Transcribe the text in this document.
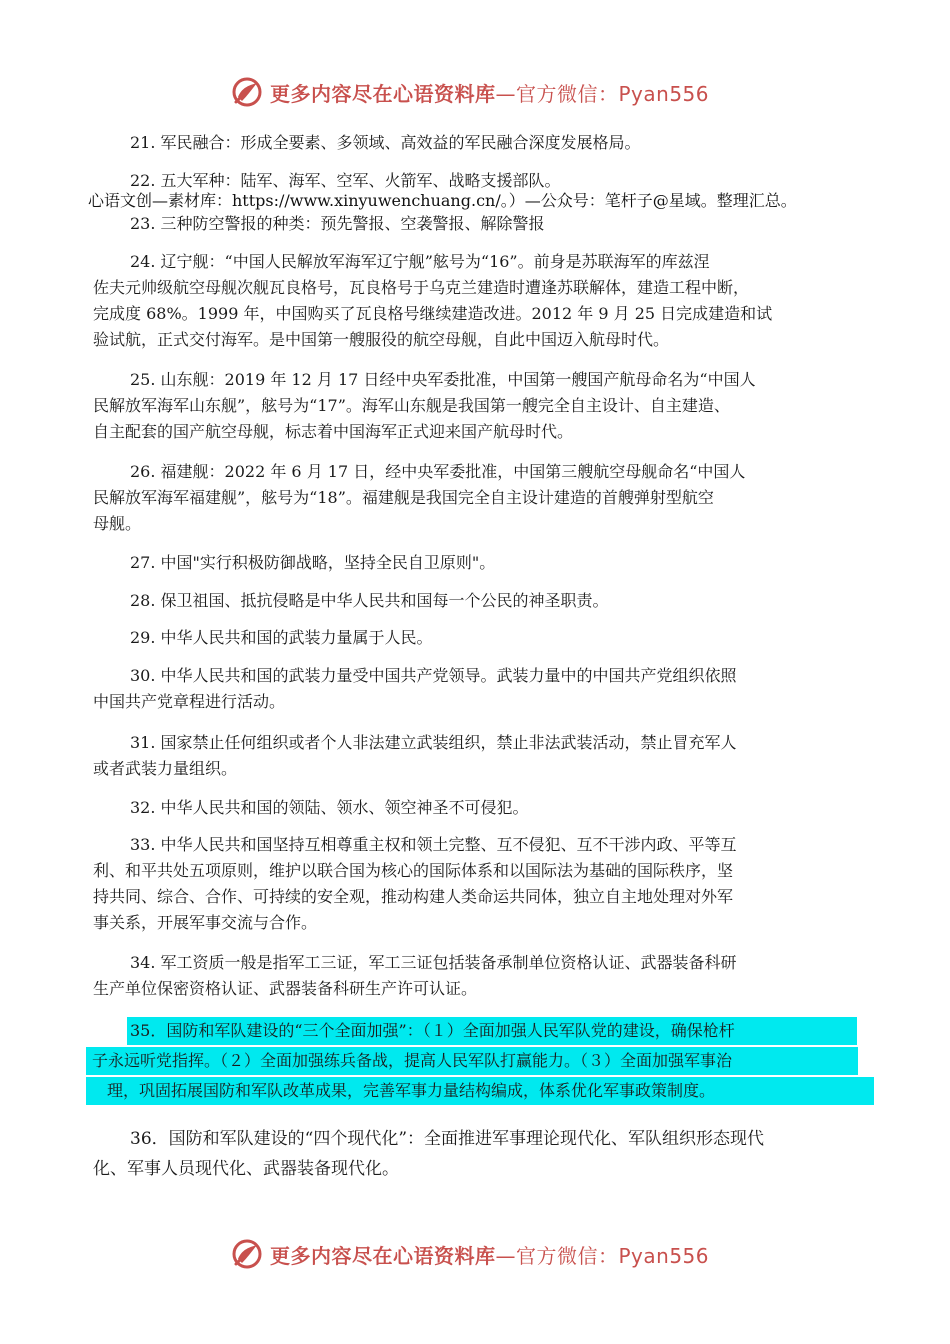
更多内容尽在心语资料库—官方微信：Pyan556
21. 军民融合：形成全要素、多领域、高效益的军民融合深度发展格局。
22. 五大军种：陆军、海军、空军、火箭军、战略支援部队。
心语文创—素材库：https://www.xinyuwenchuang.cn/。）—公众号：笔杆子@星域。整理汇总。
23. 三种防空警报的种类：预先警报、空袭警报、解除警报
24. 辽宁舰：“中国人民解放军海军辽宁舰”舷号为“16”。前身是苏联海军的库兹涅
佐夫元帅级航空母舰次舰瓦良格号，瓦良格号于乌克兰建造时遭逢苏联解体，建造工程中断，
完成度 68%。1999 年，中国购买了瓦良格号继续建造改进。2012 年 9 月 25 日完成建造和试
验试航，正式交付海军。是中国第一艘服役的航空母舰，自此中国迈入航母时代。
25. 山东舰：2019 年 12 月 17 日经中央军委批准，中国第一艘国产航母命名为“中国人
民解放军海军山东舰”，舷号为“17”。海军山东舰是我国第一艘完全自主设计、自主建造、
自主配套的国产航空母舰，标志着中国海军正式迎来国产航母时代。
26. 福建舰：2022 年 6 月 17 日，经中央军委批准，中国第三艘航空母舰命名“中国人
民解放军海军福建舰”，舷号为“18”。福建舰是我国完全自主设计建造的首艘弹射型航空
母舰。
27. 中国"实行积极防御战略，坚持全民自卫原则"。
28. 保卫祖国、抵抗侵略是中华人民共和国每一个公民的神圣职责。
29. 中华人民共和国的武装力量属于人民。
30. 中华人民共和国的武装力量受中国共产党领导。武装力量中的中国共产党组织依照
中国共产党章程进行活动。
31. 国家禁止任何组织或者个人非法建立武装组织，禁止非法武装活动，禁止冒充军人
或者武装力量组织。
32. 中华人民共和国的领陆、领水、领空神圣不可侵犯。
33. 中华人民共和国坚持互相尊重主权和领土完整、互不侵犯、互不干涉内政、平等互
利、和平共处五项原则，维护以联合国为核心的国际体系和以国际法为基础的国际秩序，坚
持共同、综合、合作、可持续的安全观，推动构建人类命运共同体，独立自主地处理对外军
事关系，开展军事交流与合作。
34. 军工资质一般是指军工三证，军工三证包括装备承制单位资格认证、武器装备科研
生产单位保密资格认证、武器装备科研生产许可认证。
35．国防和军队建设的“三个全面加强”：（１）全面加强人民军队党的建设，确保枪杆
子永远听党指挥。（２）全面加强练兵备战，提高人民军队打赢能力。（３）全面加强军事治
理，巩固拓展国防和军队改革成果，完善军事力量结构编成，体系优化军事政策制度。
36．国防和军队建设的“四个现代化”：全面推进军事理论现代化、军队组织形态现代
化、军事人员现代化、武器装备现代化。
更多内容尽在心语资料库—官方微信：Pyan556
